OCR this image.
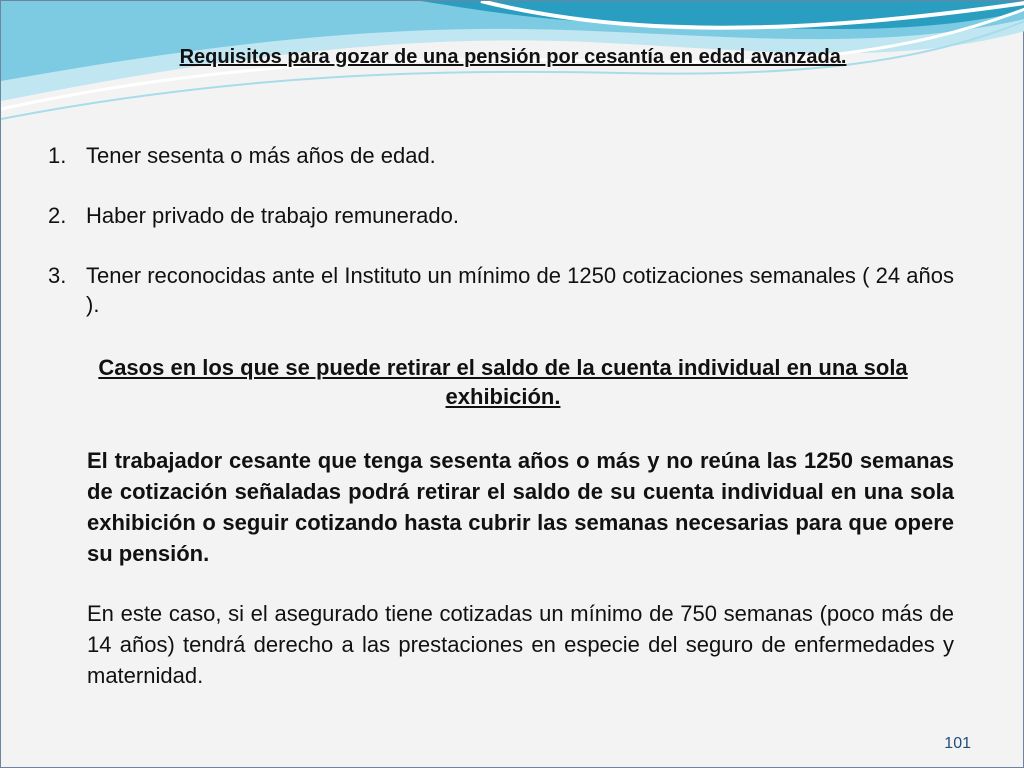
Requisitos para gozar de una pensión por cesantía en edad avanzada.
1. Tener sesenta o más años de edad.
2. Haber privado de trabajo remunerado.
3. Tener reconocidas ante el Instituto un mínimo de 1250 cotizaciones semanales ( 24 años ).
Casos en los que se puede retirar el saldo de la cuenta individual en una sola exhibición.

El trabajador cesante que tenga sesenta años o más y no reúna las 1250 semanas de cotización señaladas podrá retirar el saldo de su cuenta individual en una sola exhibición o seguir cotizando hasta cubrir las semanas necesarias para que opere su pensión.

En este caso, si el asegurado tiene cotizadas un mínimo de 750 semanas (poco más de 14 años) tendrá derecho a las prestaciones en especie del seguro de enfermedades y maternidad.

101
